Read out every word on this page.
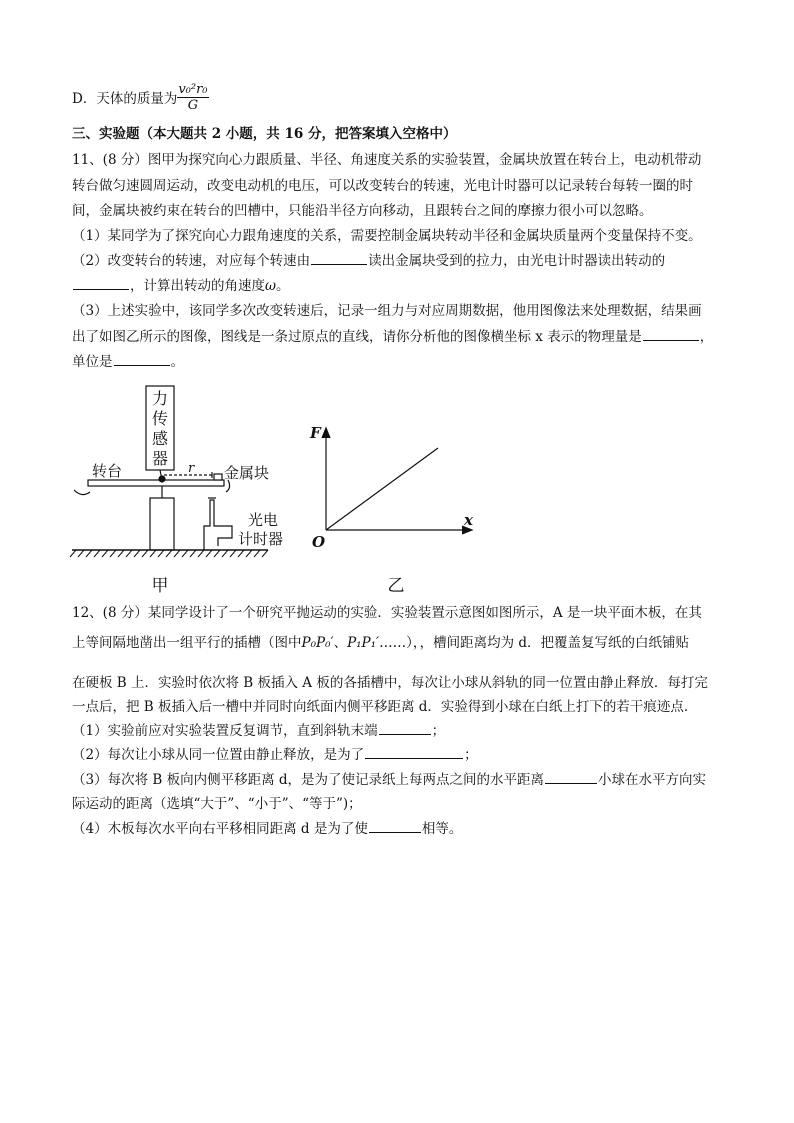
D．天体的质量为 $\frac{\text{v₀²r₀}}{G}$
三、实验题（本大题共 2 小题，共 16 分，把答案填入空格中）
11、(8 分）图甲为探究向心力跟质量、半径、角速度关系的实验装置，金属块放置在转台上，电动机带动
转台做匀速圆周运动，改变电动机的电压，可以改变转台的转速，光电计时器可以记录转台每转一圈的时
间，金属块被约束在转台的凹槽中，只能沿半径方向移动，且跟转台之间的摩擦力很小可以忽略。
（1）某同学为了探究向心力跟角速度的关系，需要控制金属块转动半径和金属块质量两个变量保持不变。
（2）改变转台的转速，对应每个转速由	读出金属块受到的拉力，由光电计时器读出转动的
，计算出转动的角速度ω。
（3）上述实验中，该同学多次改变转速后，记录一组力与对应周期数据，他用图像法来处理数据，结果画
出了如图乙所示的图像，图线是一条过原点的直线，请你分析他的图像横坐标 x 表示的物理量是	，
单位是	。
力
传
感
器
转台	r 金属块
光电
计时器
甲
F
x
O
乙
12、(8 分）某同学设计了一个研究平抛运动的实验．实验装置示意图如图所示，A 是一块平面木板，在其
上等间隔地凿出一组平行的插槽（图中P₀P₀′、P₁P₁′……），，槽间距离均为 d．把覆盖复写纸的白纸铺贴
在硬板 B 上．实验时依次将 B 板插入 A 板的各插槽中，每次让小球从斜轨的同一位置由静止释放．每打完
一点后，把 B 板插入后一槽中并同时向纸面内侧平移距离 d．实验得到小球在白纸上打下的若干痕迹点．
（1）实验前应对实验装置反复调节，直到斜轨末端	；
（2）每次让小球从同一位置由静止释放，是为了	；
（3）每次将 B 板向内侧平移距离 d，是为了使记录纸上每两点之间的水平距离	小球在水平方向实
际运动的距离（选填“大于”、“小于”、“等于”)；
（4）木板每次水平向右平移相同距离 d 是为了使	相等。
